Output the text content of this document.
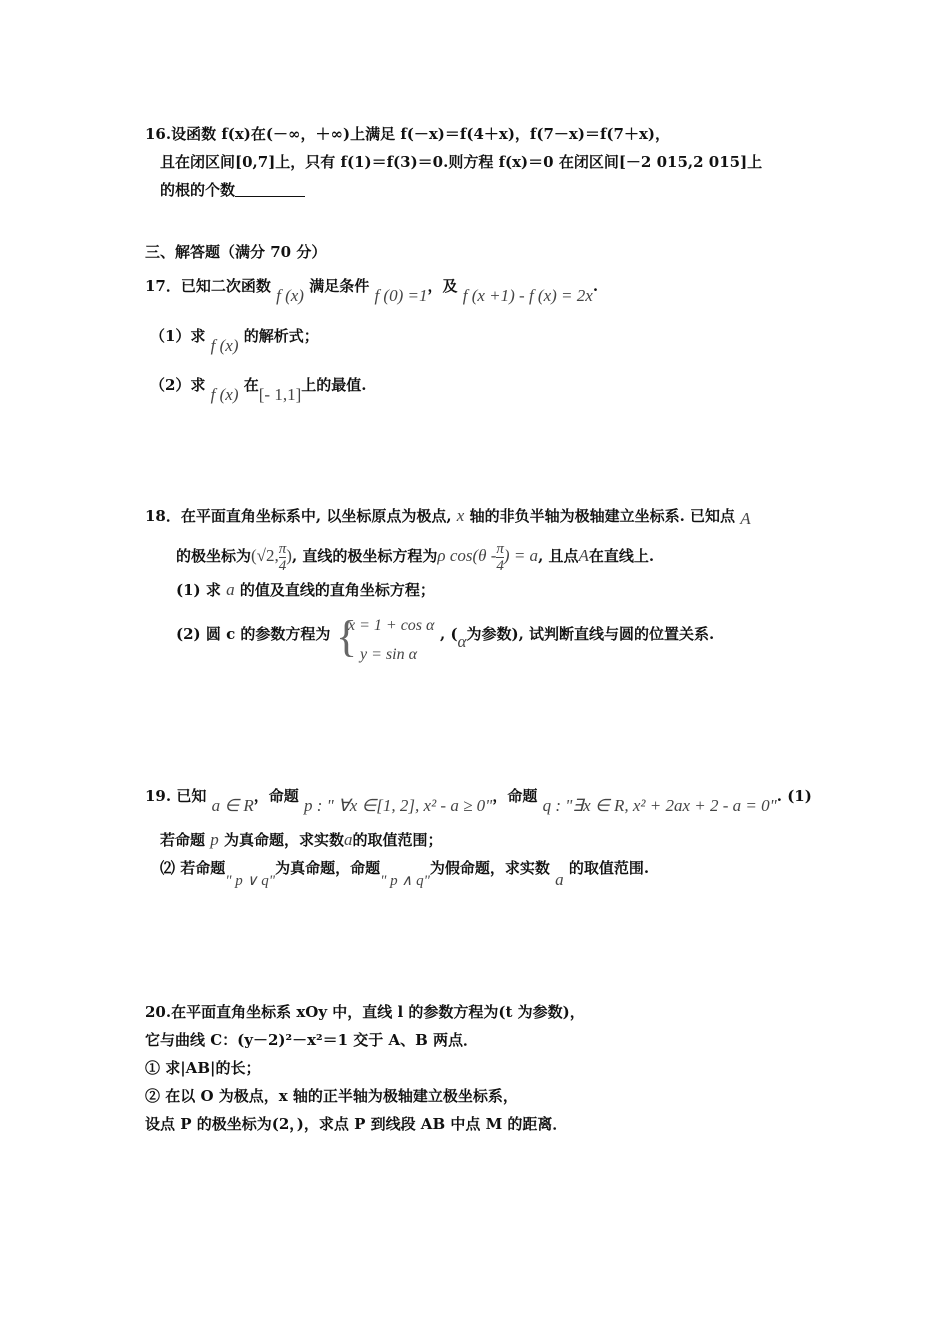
16.设函数 f(x)在(－∞，＋∞)上满足 f(－x)＝f(4＋x)，f(7－x)＝f(7＋x)，
且在闭区间[0,7]上，只有 f(1)＝f(3)＝0.则方程 f(x)＝0 在闭区间[－2 015,2 015]上
的根的个数
三、解答题（满分 70 分）
17．已知二次函数 f (x) 满足条件 f (0) =1，及 f (x +1) - f (x) = 2x.
（1）求 f (x) 的解析式；
（2）求 f (x) 在[- 1,1]上的最值.
18．在平面直角坐标系中, 以坐标原点为极点, x 轴的非负半轴为极轴建立坐标系. 已知点 A
的极坐标为(√2, $\frac{\pi}{4}$ ), 直线的极坐标方程为ρ $\cos(\theta - \frac{\pi}{4}$ ) = a, 且点A在直线上.
(1) 求 a 的值及直线的直角坐标方程；
(2) 圆 c 的参数方程为 {
x = 1 + cos α
y = sin α
, (α为参数), 试判断直线与圆的位置关系.
19. 已知 a ∈ R，命题 p : " ∀x ∈[1, 2], x² - a ≥ 0"，命题 q : "∃x ∈ R, x² + 2ax + 2 - a = 0". (1)
若命题 p 为真命题，求实数a的取值范围；
⑵ 若命题" p ∨ q"为真命题，命题" p ∧ q"为假命题，求实数 a 的取值范围.
20.在平面直角坐标系 xOy 中，直线 l 的参数方程为(t 为参数)，
它与曲线 C：(y－2)²－x²＝1 交于 A、B 两点．
① 求|AB|的长；
② 在以 O 为极点，x 轴的正半轴为极轴建立极坐标系，
设点 P 的极坐标为(2，)，求点 P 到线段 AB 中点 M 的距离．
